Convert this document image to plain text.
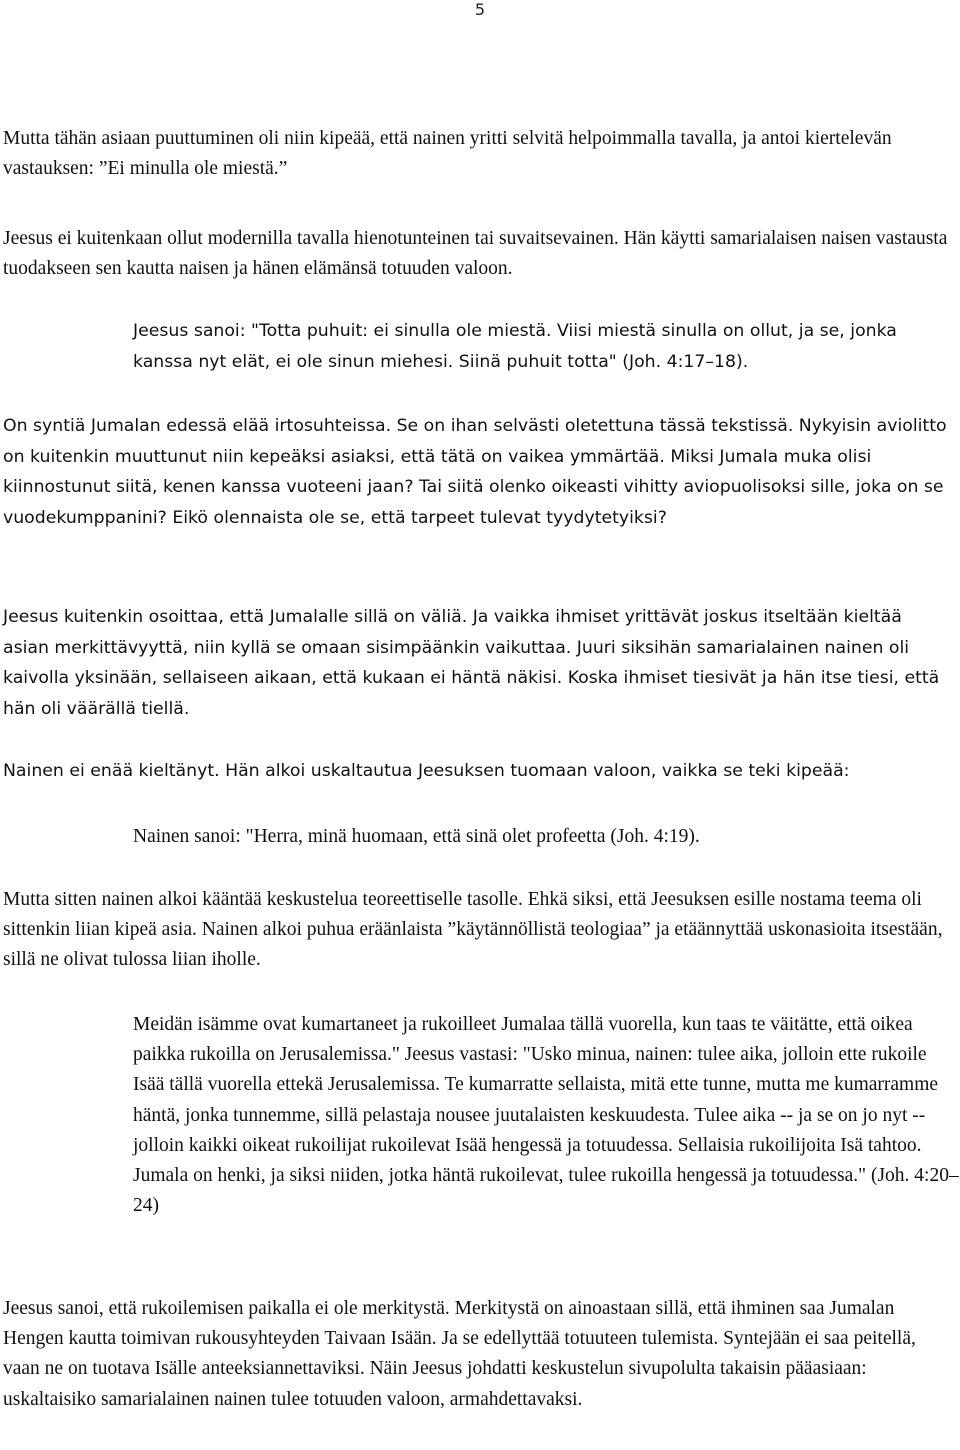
5

Mutta tähän asiaan puuttuminen oli niin kipeää, että nainen yritti selvitä helpoimmalla tavalla, ja antoi kiertelevän vastauksen: ”Ei minulla ole miestä.”

Jeesus ei kuitenkaan ollut modernilla tavalla hienotunteinen tai suvaitsevainen. Hän käytti samarialaisen naisen vastausta tuodakseen sen kautta naisen ja hänen elämänsä totuuden valoon.

Jeesus sanoi: "Totta puhuit: ei sinulla ole miestä. Viisi miestä sinulla on ollut, ja se, jonka kanssa nyt elät, ei ole sinun miehesi. Siinä puhuit totta" (Joh. 4:17–18).

On syntiä Jumalan edessä elää irtosuhteissa. Se on ihan selvästi oletettuna tässä tekstissä. Nykyisin aviolitto on kuitenkin muuttunut niin kepeäksi asiaksi, että tätä on vaikea ymmärtää. Miksi Jumala muka olisi kiinnostunut siitä, kenen kanssa vuoteeni jaan? Tai siitä olenko oikeasti vihitty aviopuolisoksi sille, joka on se vuodekumppanini? Eikö olennaista ole se, että tarpeet tulevat tyydytetyiksi?

Jeesus kuitenkin osoittaa, että Jumalalle sillä on väliä. Ja vaikka ihmiset yrittävät joskus itseltään kieltää asian merkittävyyttä, niin kyllä se omaan sisimpäänkin vaikuttaa. Juuri siksihän samarialainen nainen oli kaivolla yksinään, sellaiseen aikaan, että kukaan ei häntä näkisi. Koska ihmiset tiesivät ja hän itse tiesi, että hän oli väärällä tiellä.

Nainen ei enää kieltänyt. Hän alkoi uskaltautua Jeesuksen tuomaan valoon, vaikka se teki kipeää:

Nainen sanoi: "Herra, minä huomaan, että sinä olet profeetta (Joh. 4:19).

Mutta sitten nainen alkoi kääntää keskustelua teoreettiselle tasolle. Ehkä siksi, että Jeesuksen esille nostama teema oli sittenkin liian kipeä asia. Nainen alkoi puhua eräänlaista ”käytännöllistä teologiaa” ja etäännyttää uskonasioita itsestään, sillä ne olivat tulossa liian iholle.

Meidän isämme ovat kumartaneet ja rukoilleet Jumalaa tällä vuorella, kun taas te väitätte, että oikea paikka rukoilla on Jerusalemissa." Jeesus vastasi: "Usko minua, nainen: tulee aika, jolloin ette rukoile Isää tällä vuorella ettekä Jerusalemissa. Te kumarratte sellaista, mitä ette tunne, mutta me kumarramme häntä, jonka tunnemme, sillä pelastaja nousee juutalaisten keskuudesta. Tulee aika -- ja se on jo nyt -- jolloin kaikki oikeat rukoilijat rukoilevat Isää hengessä ja totuudessa. Sellaisia rukoilijoita Isä tahtoo. Jumala on henki, ja siksi niiden, jotka häntä rukoilevat, tulee rukoilla hengessä ja totuudessa." (Joh. 4:20–24)

Jeesus sanoi, että rukoilemisen paikalla ei ole merkitystä. Merkitystä on ainoastaan sillä, että ihminen saa Jumalan Hengen kautta toimivan rukousyhteyden Taivaan Isään. Ja se edellyttää totuuteen tulemista. Syntejään ei saa peitellä, vaan ne on tuotava Isälle anteeksiannettaviksi. Näin Jeesus johdatti keskustelun sivupolulta takaisin pääasiaan: uskaltaisiko samarialainen nainen tulee totuuden valoon, armahdettavaksi.
